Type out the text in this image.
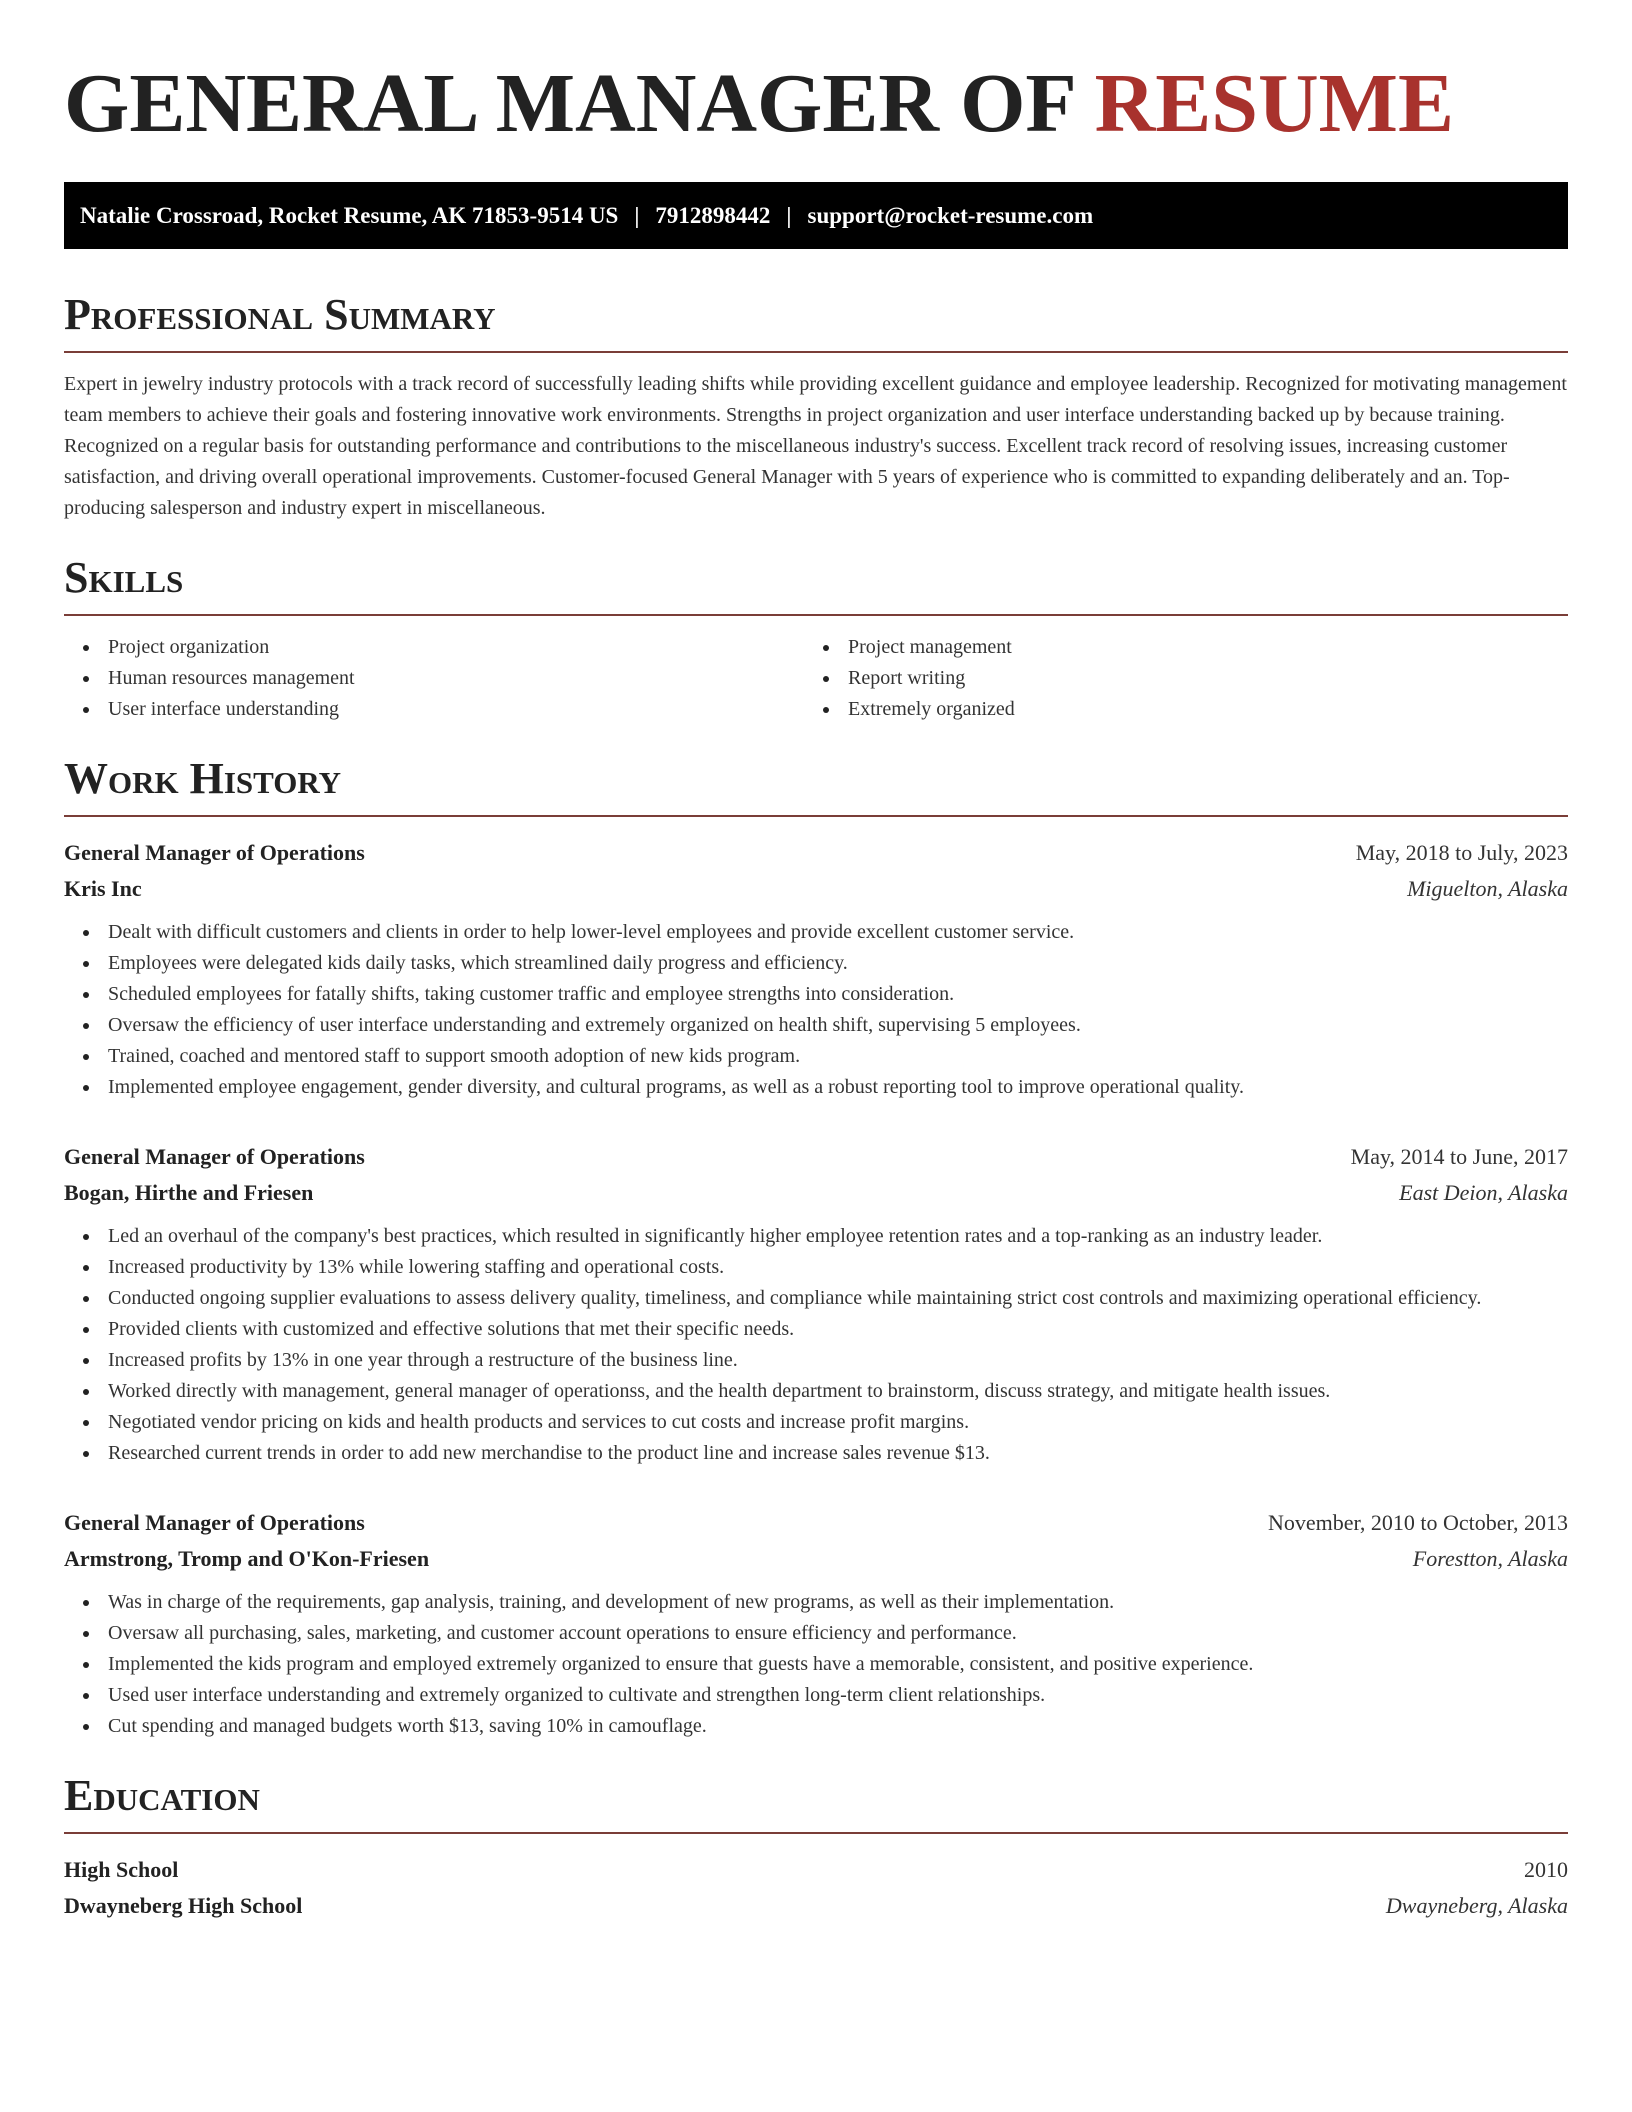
GENERAL MANAGER OF RESUME
Natalie Crossroad, Rocket Resume, AK 71853-9514 US | 7912898442 | support@rocket-resume.com
Professional Summary

Expert in jewelry industry protocols with a track record of successfully leading shifts while providing excellent guidance and employee leadership. Recognized for motivating management team members to achieve their goals and fostering innovative work environments. Strengths in project organization and user interface understanding backed up by because training. Recognized on a regular basis for outstanding performance and contributions to the miscellaneous industry's success. Excellent track record of resolving issues, increasing customer satisfaction, and driving overall operational improvements. Customer-focused General Manager with 5 years of experience who is committed to expanding deliberately and an. Top-producing salesperson and industry expert in miscellaneous.

Skills
Project organization
Human resources management
User interface understanding
Project management
Report writing
Extremely organized
Work History
General Manager of Operations	May, 2018 to July, 2023
Kris Inc	Miguelton, Alaska
Dealt with difficult customers and clients in order to help lower-level employees and provide excellent customer service.
Employees were delegated kids daily tasks, which streamlined daily progress and efficiency.
Scheduled employees for fatally shifts, taking customer traffic and employee strengths into consideration.
Oversaw the efficiency of user interface understanding and extremely organized on health shift, supervising 5 employees.
Trained, coached and mentored staff to support smooth adoption of new kids program.
Implemented employee engagement, gender diversity, and cultural programs, as well as a robust reporting tool to improve operational quality.
General Manager of Operations	May, 2014 to June, 2017
Bogan, Hirthe and Friesen	East Deion, Alaska
Led an overhaul of the company's best practices, which resulted in significantly higher employee retention rates and a top-ranking as an industry leader.
Increased productivity by 13% while lowering staffing and operational costs.
Conducted ongoing supplier evaluations to assess delivery quality, timeliness, and compliance while maintaining strict cost controls and maximizing operational efficiency.
Provided clients with customized and effective solutions that met their specific needs.
Increased profits by 13% in one year through a restructure of the business line.
Worked directly with management, general manager of operationss, and the health department to brainstorm, discuss strategy, and mitigate health issues.
Negotiated vendor pricing on kids and health products and services to cut costs and increase profit margins.
Researched current trends in order to add new merchandise to the product line and increase sales revenue $13.
General Manager of Operations	November, 2010 to October, 2013
Armstrong, Tromp and O'Kon-Friesen	Forestton, Alaska
Was in charge of the requirements, gap analysis, training, and development of new programs, as well as their implementation.
Oversaw all purchasing, sales, marketing, and customer account operations to ensure efficiency and performance.
Implemented the kids program and employed extremely organized to ensure that guests have a memorable, consistent, and positive experience.
Used user interface understanding and extremely organized to cultivate and strengthen long-term client relationships.
Cut spending and managed budgets worth $13, saving 10% in camouflage.
Education
High School	2010
Dwayneberg High School	Dwayneberg, Alaska
